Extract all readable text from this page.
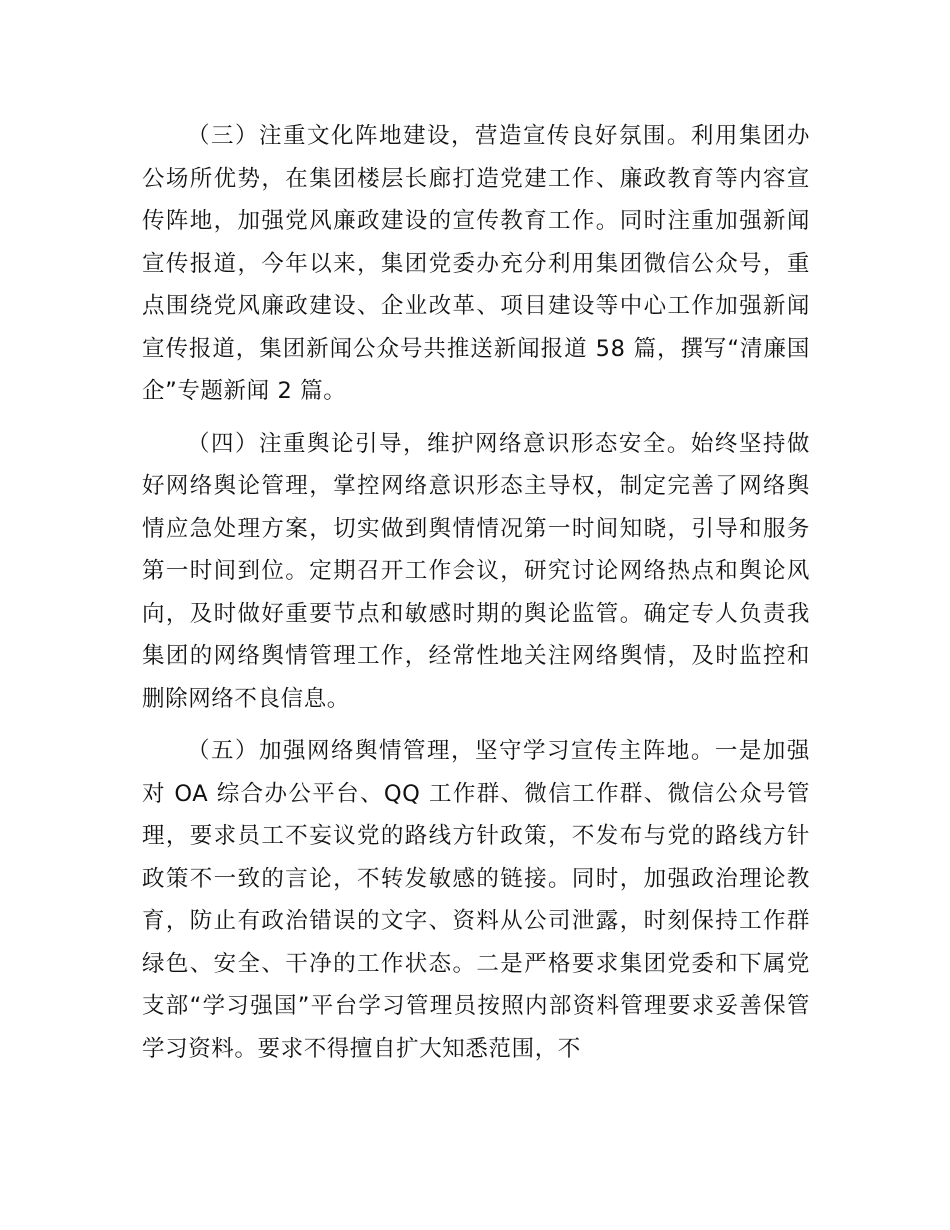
（三）注重文化阵地建设，营造宣传良好氛围。利用集团办公场所优势，在集团楼层长廊打造党建工作、廉政教育等内容宣传阵地，加强党风廉政建设的宣传教育工作。同时注重加强新闻宣传报道，今年以来，集团党委办充分利用集团微信公众号，重点围绕党风廉政建设、企业改革、项目建设等中心工作加强新闻宣传报道，集团新闻公众号共推送新闻报道 58 篇，撰写“清廉国企”专题新闻 2 篇。

（四）注重舆论引导，维护网络意识形态安全。始终坚持做好网络舆论管理，掌控网络意识形态主导权，制定完善了网络舆情应急处理方案，切实做到舆情情况第一时间知晓，引导和服务第一时间到位。定期召开工作会议，研究讨论网络热点和舆论风向，及时做好重要节点和敏感时期的舆论监管。确定专人负责我集团的网络舆情管理工作，经常性地关注网络舆情，及时监控和删除网络不良信息。

（五）加强网络舆情管理，坚守学习宣传主阵地。一是加强对 OA 综合办公平台、QQ 工作群、微信工作群、微信公众号管理，要求员工不妄议党的路线方针政策，不发布与党的路线方针政策不一致的言论，不转发敏感的链接。同时，加强政治理论教育，防止有政治错误的文字、资料从公司泄露，时刻保持工作群绿色、安全、干净的工作状态。二是严格要求集团党委和下属党支部“学习强国”平台学习管理员按照内部资料管理要求妥善保管学习资料。要求不得擅自扩大知悉范围，不
